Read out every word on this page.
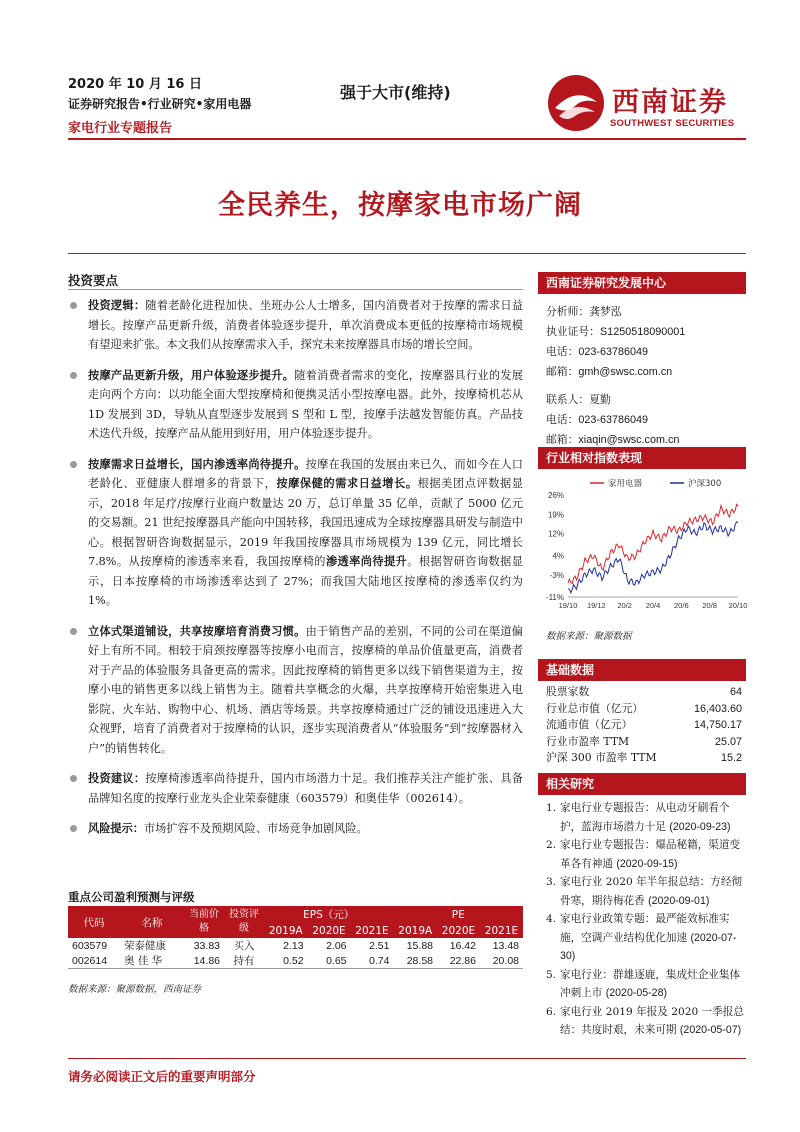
2020 年 10 月 16 日
证券研究报告•行业研究•家用电器
家电行业专题报告
强于大市(维持)	西南证券
SOUTHWEST SECURITIES
全民养生，按摩家电市场广阔
投资要点
投资逻辑：随着老龄化进程加快、坐班办公人士增多，国内消费者对于按摩的需求日益增长。按摩产品更新升级，消费者体验逐步提升，单次消费成本更低的按摩椅市场规模有望迎来扩张。本文我们从按摩需求入手，探究未来按摩器具市场的增长空间。
按摩产品更新升级，用户体验逐步提升。随着消费者需求的变化，按摩器具行业的发展走向两个方向：以功能全面大型按摩椅和便携灵活小型按摩电器。此外，按摩椅机芯从 1D 发展到 3D，导轨从直型逐步发展到 S 型和 L 型，按摩手法越发智能仿真。产品技术迭代升级，按摩产品从能用到好用，用户体验逐步提升。
按摩需求日益增长，国内渗透率尚待提升。按摩在我国的发展由来已久，而如今在人口老龄化、亚健康人群增多的背景下，按摩保健的需求日益增长。根据美团点评数据显示，2018 年足疗/按摩行业商户数量达 20 万，总订单量 35 亿单，贡献了 5000 亿元的交易额。21 世纪按摩器具产能向中国转移，我国迅速成为全球按摩器具研发与制造中心。根据智研咨询数据显示，2019 年我国按摩器具市场规模为 139 亿元，同比增长 7.8%。从按摩椅的渗透率来看，我国按摩椅的渗透率尚待提升。根据智研咨询数据显示，日本按摩椅的市场渗透率达到了 27%；而我国大陆地区按摩椅的渗透率仅约为 1%。
立体式渠道铺设，共享按摩培育消费习惯。由于销售产品的差别，不同的公司在渠道偏好上有所不同。相较于肩颈按摩器等按摩小电而言，按摩椅的单品价值量更高，消费者对于产品的体验服务具备更高的需求。因此按摩椅的销售更多以线下销售渠道为主，按摩小电的销售更多以线上销售为主。随着共享概念的火爆，共享按摩椅开始密集进入电影院、火车站、购物中心、机场、酒店等场景。共享按摩椅通过广泛的铺设迅速进入大众视野，培育了消费者对于按摩椅的认识，逐步实现消费者从“体验服务”到“按摩器材入户”的销售转化。
投资建议：按摩椅渗透率尚待提升，国内市场潜力十足。我们推荐关注产能扩张、具备品牌知名度的按摩行业龙头企业荣泰健康（603579）和奥佳华（002614）。
风险提示：市场扩容不及预期风险、市场竞争加剧风险。
重点公司盈利预测与评级
代码	名称	当前价格	投资评级	EPS（元）			PE		
				2019A	2020E	2021E	2019A	2020E	2021E
603579	荣泰健康	33.83	买入	2.13	2.06	2.51	15.88	16.42	13.48
002614	奥 佳 华	14.86	持有	0.52	0.65	0.74	28.58	22.86	20.08
数据来源：聚源数据，西南证券
西南证券研究发展中心
分析师：龚梦泓
执业证号：S1250518090001
电话：023-63786049
邮箱：gmh@swsc.com.cn
联系人：夏勤
电话：023-63786049
邮箱：xiaqin@swsc.com.cn
行业相对指数表现
家用电器	沪深300
26%
19%
12%
4%
-3%
-11%
19/10 19/12 20/2 20/4 20/6 20/8 20/10
数据来源：聚源数据
基础数据
股票家数	64
行业总市值（亿元）	16,403.60
流通市值（亿元）	14,750.17
行业市盈率 TTM	25.07
沪深 300 市盈率 TTM	15.2
相关研究
1. 家电行业专题报告：从电动牙刷看个护，蓝海市场潜力十足 (2020-09-23)
2. 家电行业专题报告：爆品秘籍，渠道变革各有神通 (2020-09-15)
3. 家电行业 2020 年半年报总结：方经彻骨寒，期待梅花香 (2020-09-01)
4. 家电行业政策专题：最严能效标准实施，空调产业结构优化加速 (2020-07-30)
5. 家电行业：群雄逐鹿，集成灶企业集体冲刺上市 (2020-05-28)
6. 家电行业 2019 年报及 2020 一季报总结：共度时艰，未来可期 (2020-05-07)
请务必阅读正文后的重要声明部分
